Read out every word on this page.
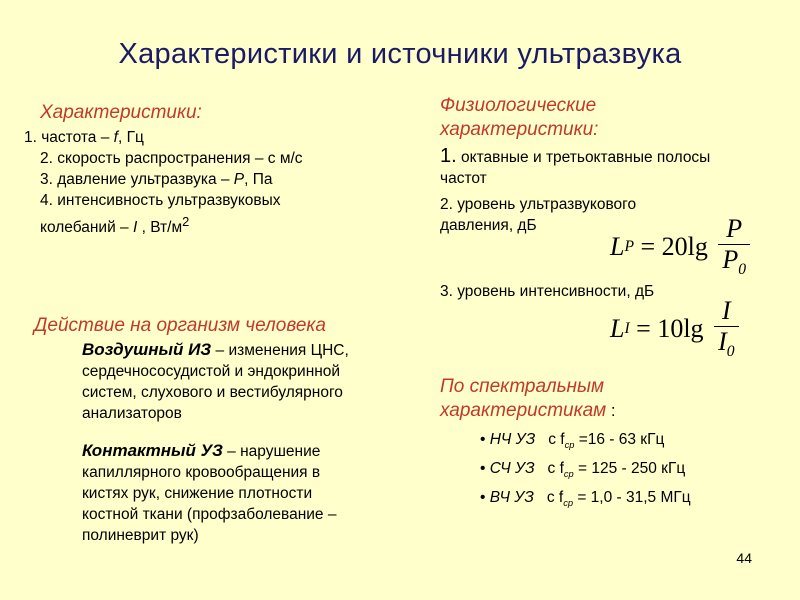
Характеристики и источники ультразвука
Характеристики:
1. частота – f, Гц
2. скорость распространения – с м/с
3. давление ультразвука – P, Па
4. интенсивность ультразвуковых
колебаний – I , $Вт/м^2$
Действие на организм человека
Воздушный ИЗ – изменения ЦНС,
сердечнососудистой и эндокринной
систем, слухового и вестибулярного
анализаторов
Контактный УЗ – нарушение
капиллярного кровообращения в
кистях рук, снижение плотности
костной ткани (профзаболевание –
полиневрит рук)
Физиологические
характеристики:
1. октавные и третьоктавные полосы
частот
2. уровень ультразвукового
давления, дБ
L $P = 20\lg \frac{P}{P_0}$
3. уровень интенсивности, дБ
L $I = 10\lg \frac{I}{I_0}$
По спектральным
характеристикам :
• НЧ УЗ с $f_{ср} =16 - 63$ кГц
• СЧ УЗ с $f_{ср} = 125 - 250$ кГц
• ВЧ УЗ с $f_{ср} = 1,0 - 31,5$ МГц
44
